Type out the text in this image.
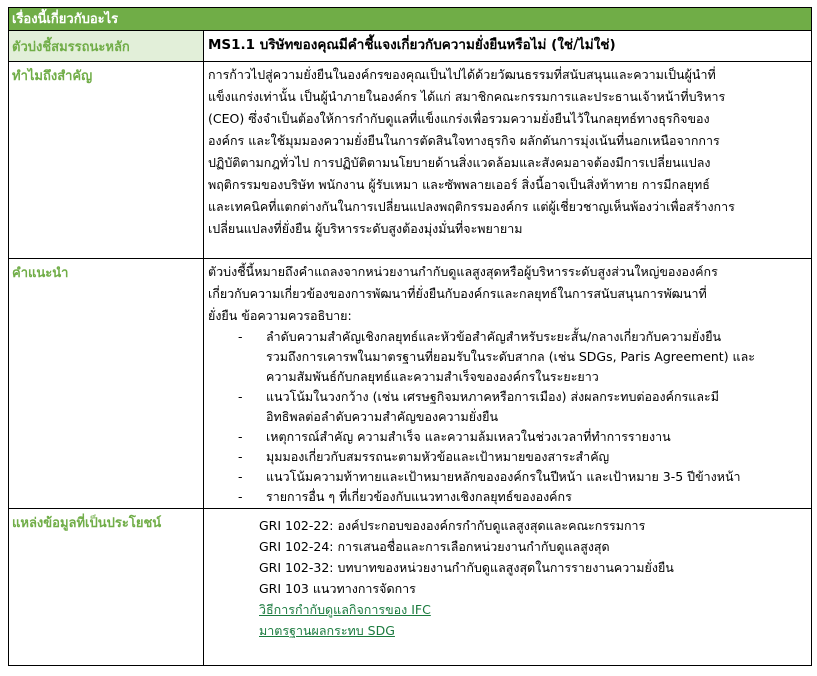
เรื่องนี้เกี่ยวกับอะไร
ตัวบ่งชี้สมรรถนะหลัก	MS1.1 บริษัทของคุณมีคำชี้แจงเกี่ยวกับความยั่งยืนหรือไม่ (ใช่/ไม่ใช่)
ทำไมถึงสำคัญ	การก้าวไปสู่ความยั่งยืนในองค์กรของคุณเป็นไปได้ด้วยวัฒนธรรมที่สนับสนุนและความเป็นผู้นำที่
แข็งแกร่งเท่านั้น เป็นผู้นำภายในองค์กร ได้แก่ สมาชิกคณะกรรมการและประธานเจ้าหน้าที่บริหาร
(CEO) ซึ่งจำเป็นต้องให้การกำกับดูแลที่แข็งแกร่งเพื่อรวมความยั่งยืนไว้ในกลยุทธ์ทางธุรกิจของ
องค์กร และใช้มุมมองความยั่งยืนในการตัดสินใจทางธุรกิจ ผลักดันการมุ่งเน้นที่นอกเหนือจากการ
ปฏิบัติตามกฎทั่วไป การปฏิบัติตามนโยบายด้านสิ่งแวดล้อมและสังคมอาจต้องมีการเปลี่ยนแปลง
พฤติกรรมของบริษัท พนักงาน ผู้รับเหมา และซัพพลายเออร์ สิ่งนี้อาจเป็นสิ่งท้าทาย การมีกลยุทธ์
และเทคนิคที่แตกต่างกันในการเปลี่ยนแปลงพฤติกรรมองค์กร แต่ผู้เชี่ยวชาญเห็นพ้องว่าเพื่อสร้างการ
เปลี่ยนแปลงที่ยั่งยืน ผู้บริหารระดับสูงต้องมุ่งมั่นที่จะพยายาม
คำแนะนำ	ตัวบ่งชี้นี้หมายถึงคำแถลงจากหน่วยงานกำกับดูแลสูงสุดหรือผู้บริหารระดับสูงส่วนใหญ่ขององค์กร
เกี่ยวกับความเกี่ยวข้องของการพัฒนาที่ยั่งยืนกับองค์กรและกลยุทธ์ในการสนับสนุนการพัฒนาที่
ยั่งยืน ข้อความควรอธิบาย:
- ลำดับความสำคัญเชิงกลยุทธ์และหัวข้อสำคัญสำหรับระยะสั้น/กลางเกี่ยวกับความยั่งยืน
รวมถึงการเคารพในมาตรฐานที่ยอมรับในระดับสากล (เช่น SDGs, Paris Agreement) และ
ความสัมพันธ์กับกลยุทธ์และความสำเร็จขององค์กรในระยะยาว
- แนวโน้มในวงกว้าง (เช่น เศรษฐกิจมหภาคหรือการเมือง) ส่งผลกระทบต่อองค์กรและมี
อิทธิพลต่อลำดับความสำคัญของความยั่งยืน
- เหตุการณ์สำคัญ ความสำเร็จ และความล้มเหลวในช่วงเวลาที่ทำการรายงาน
- มุมมองเกี่ยวกับสมรรถนะตามหัวข้อและเป้าหมายของสาระสำคัญ
- แนวโน้มความท้าทายและเป้าหมายหลักขององค์กรในปีหน้า และเป้าหมาย 3-5 ปีข้างหน้า
- รายการอื่น ๆ ที่เกี่ยวข้องกับแนวทางเชิงกลยุทธ์ขององค์กร
แหล่งข้อมูลที่เป็นประโยชน์	GRI 102-22: องค์ประกอบขององค์กรกำกับดูแลสูงสุดและคณะกรรมการ
GRI 102-24: การเสนอชื่อและการเลือกหน่วยงานกำกับดูแลสูงสุด
GRI 102-32: บทบาทของหน่วยงานกำกับดูแลสูงสุดในการรายงานความยั่งยืน
GRI 103 แนวทางการจัดการ
วิธีการกำกับดูแลกิจการของ IFC
มาตรฐานผลกระทบ SDG
